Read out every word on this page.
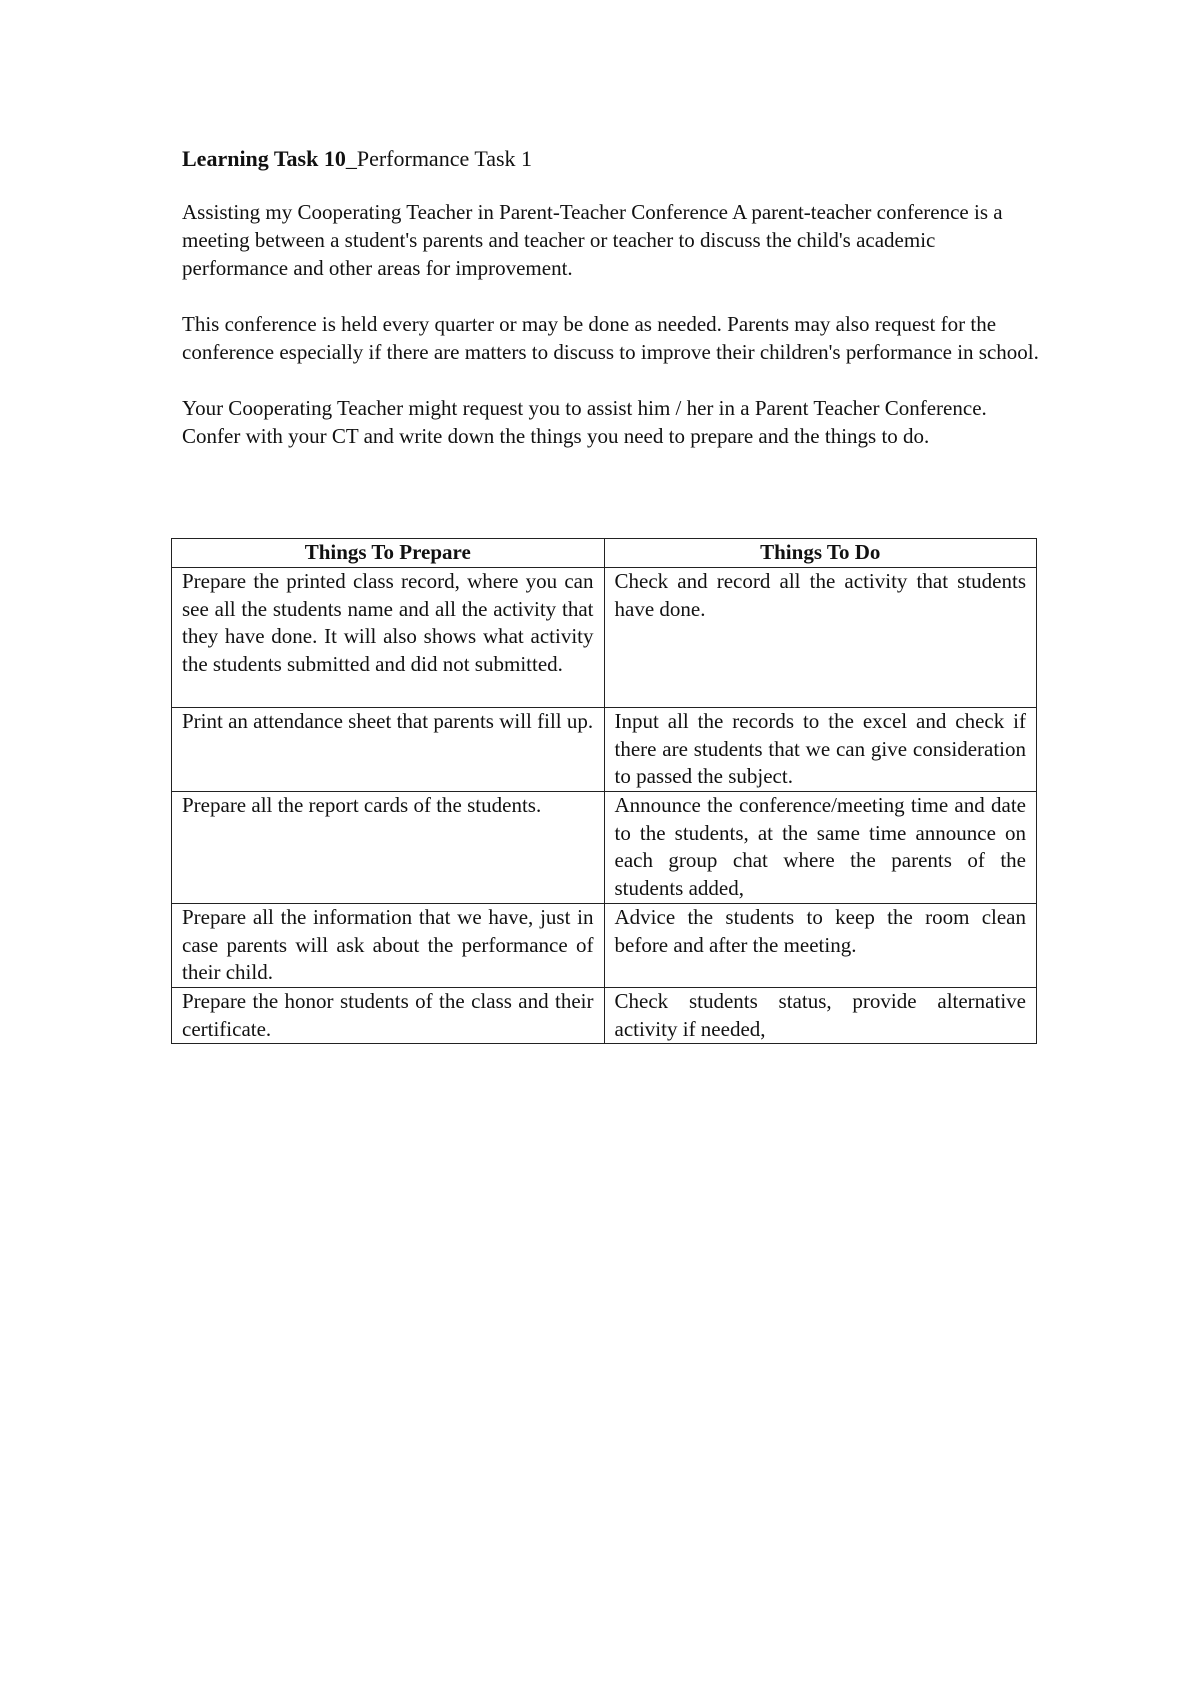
Learning Task 10_Performance Task 1

Assisting my Cooperating Teacher in Parent-Teacher Conference A parent-teacher conference is a meeting between a student's parents and teacher or teacher to discuss the child's academic performance and other areas for improvement.

This conference is held every quarter or may be done as needed. Parents may also request for the conference especially if there are matters to discuss to improve their children's performance in school.

Your Cooperating Teacher might request you to assist him / her in a Parent Teacher Conference. Confer with your CT and write down the things you need to prepare and the things to do.

Things To Prepare	Things To Do
Prepare the printed class record, where you can see all the students name and all the activity that they have done. It will also shows what activity the students submitted and did not submitted.	Check and record all the activity that students have done.
Print an attendance sheet that parents will fill up.	Input all the records to the excel and check if there are students that we can give consideration to passed the subject.
Prepare all the report cards of the students.	Announce the conference/meeting time and date to the students, at the same time announce on each group chat where the parents of the students added,
Prepare all the information that we have, just in case parents will ask about the performance of their child.	Advice the students to keep the room clean before and after the meeting.
Prepare the honor students of the class and their certificate.	Check students status, provide alternative activity if needed,
